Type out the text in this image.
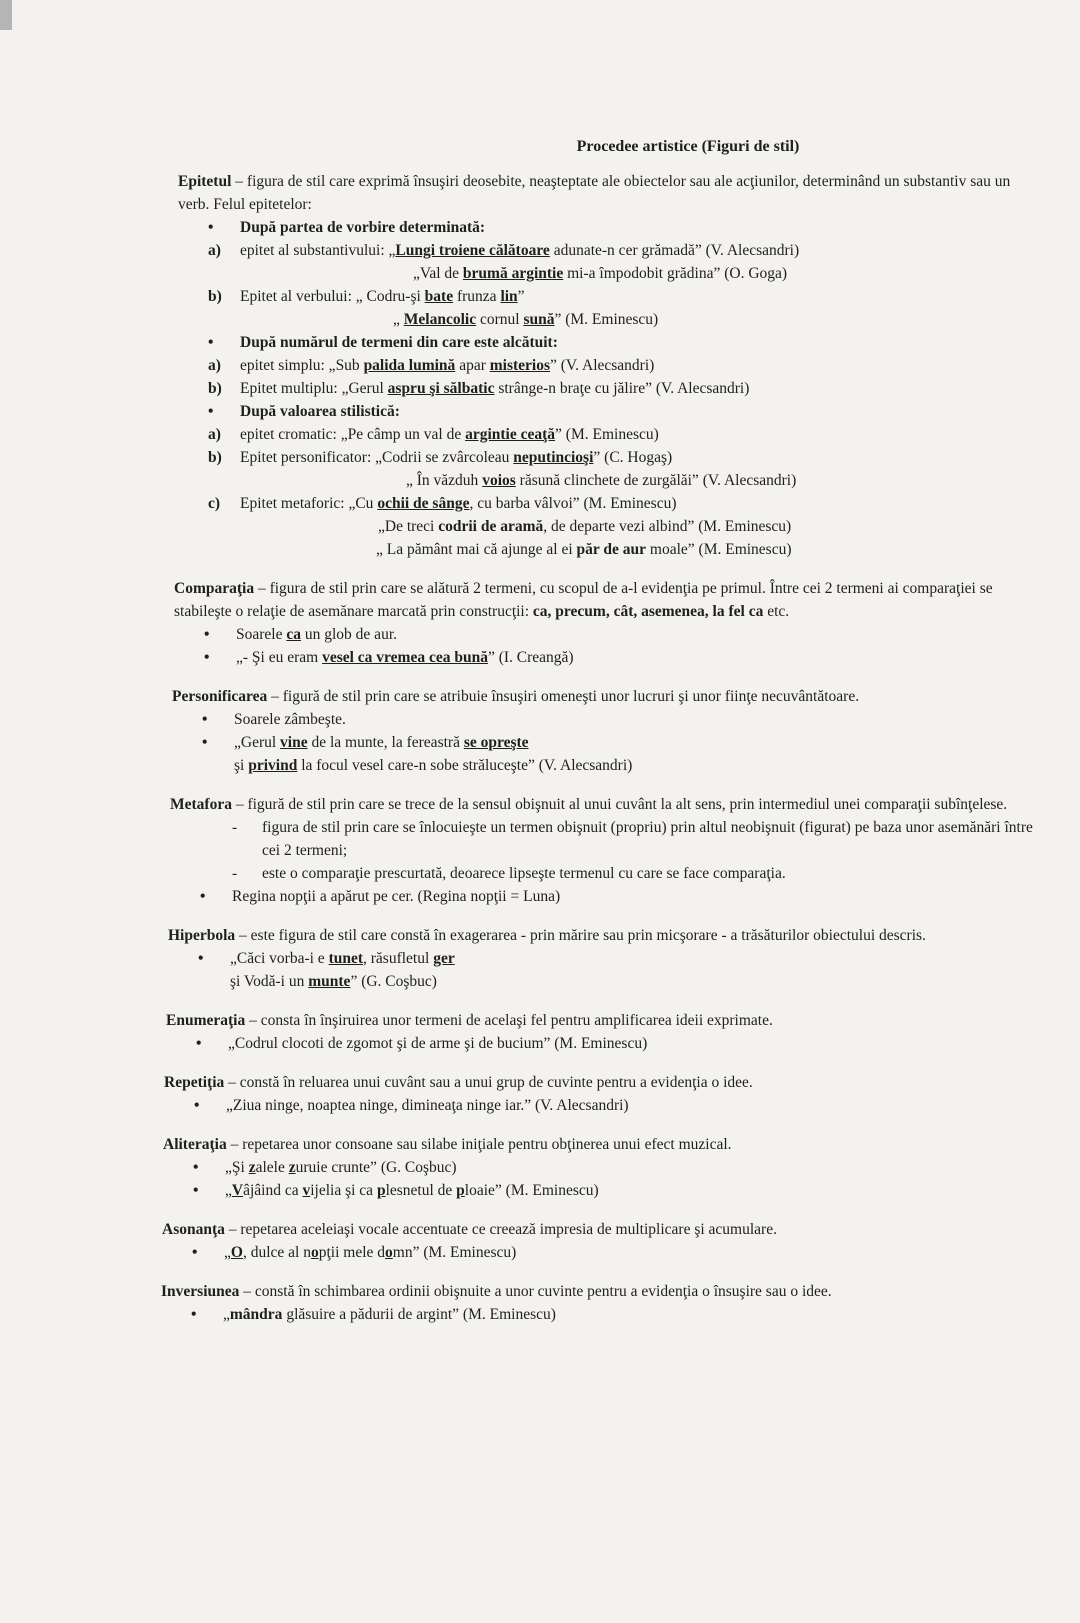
Procedee artistice (Figuri de stil)

Epitetul – figura de stil care exprimă însuşiri deosebite, neaşteptate ale obiectelor sau ale acţiunilor, determinând un substantiv sau un verb. Felul epitetelor:

• După partea de vorbire determinată:
a) epitet al substantivului: „Lungi troiene călătoare adunate-n cer grămadă” (V. Alecsandri)
„Val de brumă argintie mi-a împodobit grădina” (O. Goga)
b) Epitet al verbului: „ Codru-şi bate frunza lin”
„ Melancolic cornul sună” (M. Eminescu)
• După numărul de termeni din care este alcătuit:
a) epitet simplu: „Sub palida lumină apar misterios” (V. Alecsandri)
b) Epitet multiplu: „Gerul aspru şi sălbatic strânge-n braţe cu jălire” (V. Alecsandri)
• După valoarea stilistică:
a) epitet cromatic: „Pe câmp un val de argintie ceaţă” (M. Eminescu)
b) Epitet personificator: „Codrii se zvârcoleau neputincioşi” (C. Hogaş)
„ În văzduh voios răsună clinchete de zurgălăi” (V. Alecsandri)
c) Epitet metaforic: „Cu ochii de sânge, cu barba vâlvoi” (M. Eminescu)
„De treci codrii de aramă, de departe vezi albind” (M. Eminescu)
„ La pământ mai că ajunge al ei păr de aur moale” (M. Eminescu)

Comparaţia – figura de stil prin care se alătură 2 termeni, cu scopul de a-l evidenţia pe primul. Între cei 2 termeni ai comparaţiei se stabileşte o relaţie de asemănare marcată prin construcţii: ca, precum, cât, asemenea, la fel ca etc.

• Soarele ca un glob de aur.
• „- Şi eu eram vesel ca vremea cea bună” (I. Creangă)

Personificarea – figură de stil prin care se atribuie însuşiri omeneşti unor lucruri şi unor fiinţe necuvântătoare.

• Soarele zâmbeşte.
• „Gerul vine de la munte, la fereastră se opreşte
şi privind la focul vesel care-n sobe străluceşte” (V. Alecsandri)

Metafora – figură de stil prin care se trece de la sensul obişnuit al unui cuvânt la alt sens, prin intermediul unei comparaţii subînţelese.

- figura de stil prin care se înlocuieşte un termen obişnuit (propriu) prin altul neobişnuit (figurat) pe baza unor asemănări între cei 2 termeni;
- este o comparaţie prescurtată, deoarece lipseşte termenul cu care se face comparaţia.
• Regina nopţii a apărut pe cer. (Regina nopţii = Luna)

Hiperbola – este figura de stil care constă în exagerarea - prin mărire sau prin micşorare - a trăsăturilor obiectului descris.

• „Căci vorba-i e tunet, răsufletul ger
şi Vodă-i un munte” (G. Coşbuc)

Enumeraţia – consta în înşiruirea unor termeni de acelaşi fel pentru amplificarea ideii exprimate.

• „Codrul clocoti de zgomot şi de arme şi de bucium” (M. Eminescu)

Repetiţia – constă în reluarea unui cuvânt sau a unui grup de cuvinte pentru a evidenţia o idee.

• „Ziua ninge, noaptea ninge, dimineaţa ninge iar.” (V. Alecsandri)

Aliteraţia – repetarea unor consoane sau silabe iniţiale pentru obţinerea unui efect muzical.

• „Şi zalele zuruie crunte” (G. Coşbuc)
• „Vâjâind ca vijelia şi ca plesnetul de ploaie” (M. Eminescu)

Asonanţa – repetarea aceleiaşi vocale accentuate ce creează impresia de multiplicare şi acumulare.

• „O, dulce al nopţii mele domn” (M. Eminescu)

Inversiunea – constă în schimbarea ordinii obişnuite a unor cuvinte pentru a evidenţia o însuşire sau o idee.

• „mândra glăsuire a pădurii de argint” (M. Eminescu)
